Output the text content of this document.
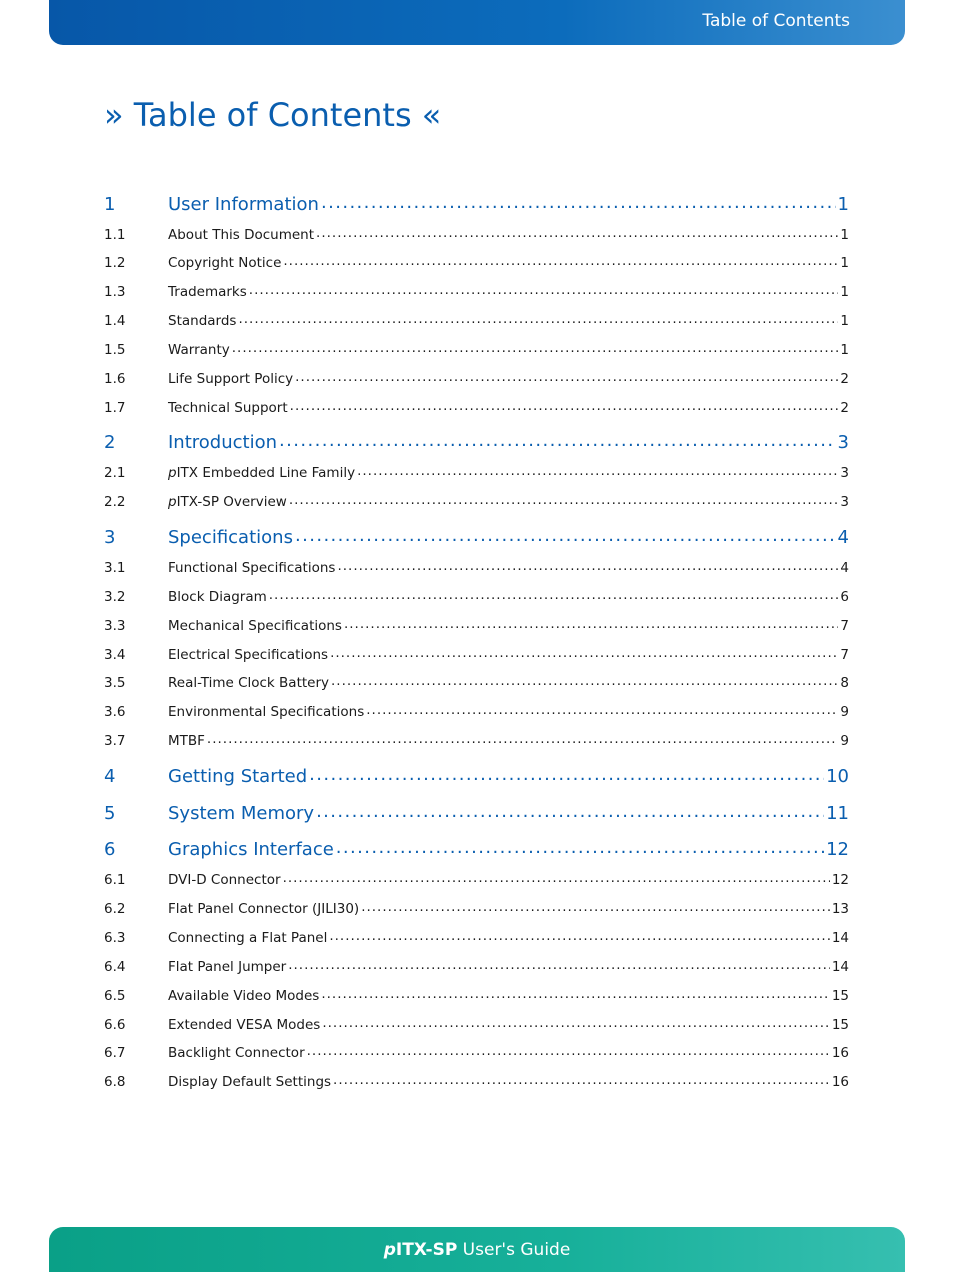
Table of Contents
» Table of Contents «
1	User Information .....	1
1.1	About This Document .....	1
1.2	Copyright Notice .....	1
1.3	Trademarks .....	1
1.4	Standards .....	1
1.5	Warranty .....	1
1.6	Life Support Policy .....	2
1.7	Technical Support .....	2
2	Introduction .....	3
2.1	pITX Embedded Line Family .....	3
2.2	pITX-SP Overview .....	3
3	Specifications .....	4
3.1	Functional Specifications .....	4
3.2	Block Diagram .....	6
3.3	Mechanical Specifications .....	7
3.4	Electrical Specifications .....	7
3.5	Real-Time Clock Battery .....	8
3.6	Environmental Specifications .....	9
3.7	MTBF .....	9
4	Getting Started .....	10
5	System Memory .....	11
6	Graphics Interface .....	12
6.1	DVI-D Connector .....	12
6.2	Flat Panel Connector (JILI30) .....	13
6.3	Connecting a Flat Panel .....	14
6.4	Flat Panel Jumper .....	14
6.5	Available Video Modes .....	15
6.6	Extended VESA Modes .....	15
6.7	Backlight Connector .....	16
6.8	Display Default Settings .....	16
pITX-SP User's Guide
